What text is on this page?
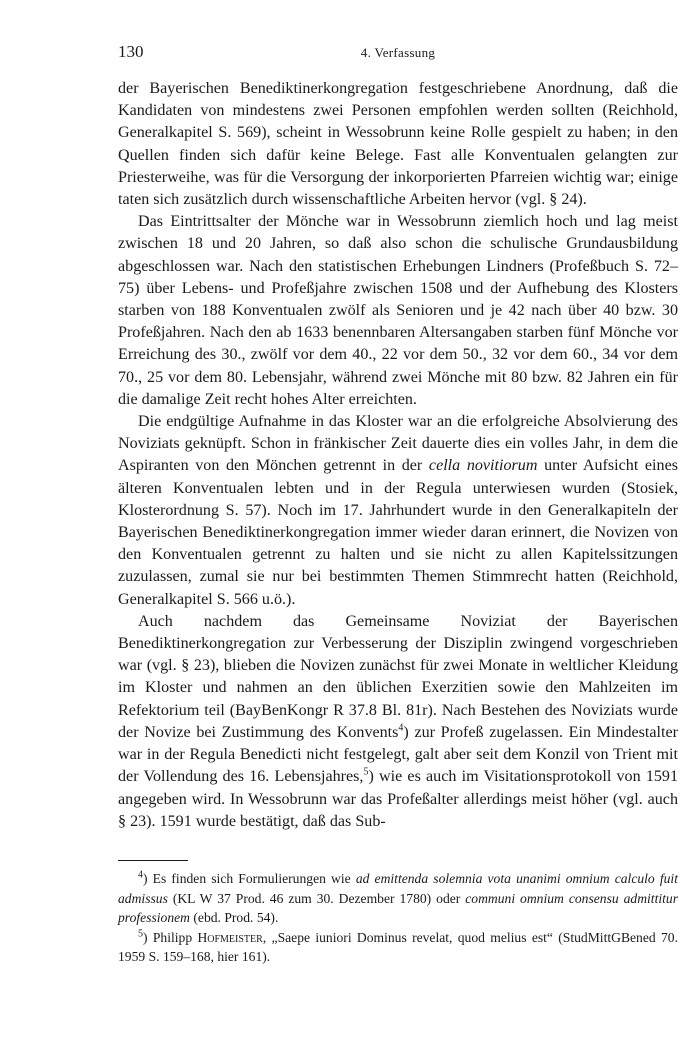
130	4. Verfassung

der Bayerischen Benediktinerkongregation festgeschriebene Anordnung, daß die Kandidaten von mindestens zwei Personen empfohlen werden sollten (Reichhold, Generalkapitel S. 569), scheint in Wessobrunn keine Rolle gespielt zu haben; in den Quellen finden sich dafür keine Belege. Fast alle Konventualen gelangten zur Priesterweihe, was für die Versorgung der inkorporierten Pfarreien wichtig war; einige taten sich zusätzlich durch wissenschaftliche Arbeiten hervor (vgl. § 24).

Das Eintrittsalter der Mönche war in Wessobrunn ziemlich hoch und lag meist zwischen 18 und 20 Jahren, so daß also schon die schulische Grundausbildung abgeschlossen war. Nach den statistischen Erhebungen Lindners (Profeßbuch S. 72–75) über Lebens- und Profeßjahre zwischen 1508 und der Aufhebung des Klosters starben von 188 Konventualen zwölf als Senioren und je 42 nach über 40 bzw. 30 Profeßjahren. Nach den ab 1633 benennbaren Altersangaben starben fünf Mönche vor Erreichung des 30., zwölf vor dem 40., 22 vor dem 50., 32 vor dem 60., 34 vor dem 70., 25 vor dem 80. Lebensjahr, während zwei Mönche mit 80 bzw. 82 Jahren ein für die damalige Zeit recht hohes Alter erreichten.

Die endgültige Aufnahme in das Kloster war an die erfolgreiche Absolvierung des Noviziats geknüpft. Schon in fränkischer Zeit dauerte dies ein volles Jahr, in dem die Aspiranten von den Mönchen getrennt in der cella novitiorum unter Aufsicht eines älteren Konventualen lebten und in der Regula unterwiesen wurden (Stosiek, Klosterordnung S. 57). Noch im 17. Jahrhundert wurde in den Generalkapiteln der Bayerischen Benediktinerkongregation immer wieder daran erinnert, die Novizen von den Konventualen getrennt zu halten und sie nicht zu allen Kapitelssitzungen zuzulassen, zumal sie nur bei bestimmten Themen Stimmrecht hatten (Reichhold, Generalkapitel S. 566 u.ö.).

Auch nachdem das Gemeinsame Noviziat der Bayerischen Benediktinerkongregation zur Verbesserung der Disziplin zwingend vorgeschrieben war (vgl. § 23), blieben die Novizen zunächst für zwei Monate in weltlicher Kleidung im Kloster und nahmen an den üblichen Exerzitien sowie den Mahlzeiten im Refektorium teil (BayBenKongr R 37.8 Bl. 81r). Nach Bestehen des Noviziats wurde der Novize bei Zustimmung des Konvents$^4$) zur Profeß zugelassen. Ein Mindestalter war in der Regula Benedicti nicht festgelegt, galt aber seit dem Konzil von Trient mit der Vollendung des 16. Lebensjahres,$^5$) wie es auch im Visitationsprotokoll von 1591 angegeben wird. In Wessobrunn war das Profeßalter allerdings meist höher (vgl. auch § 23). 1591 wurde bestätigt, daß das Sub-

$^4$) Es finden sich Formulierungen wie ad emittenda solemnia vota unanimi omnium calculo fuit admissus (KL W 37 Prod. 46 zum 30. Dezember 1780) oder communi omnium consensu admittitur professionem (ebd. Prod. 54).

$^5$) Philipp Hofmeister, „Saepe iuniori Dominus revelat, quod melius est“ (StudMittGBened 70. 1959 S. 159–168, hier 161).
